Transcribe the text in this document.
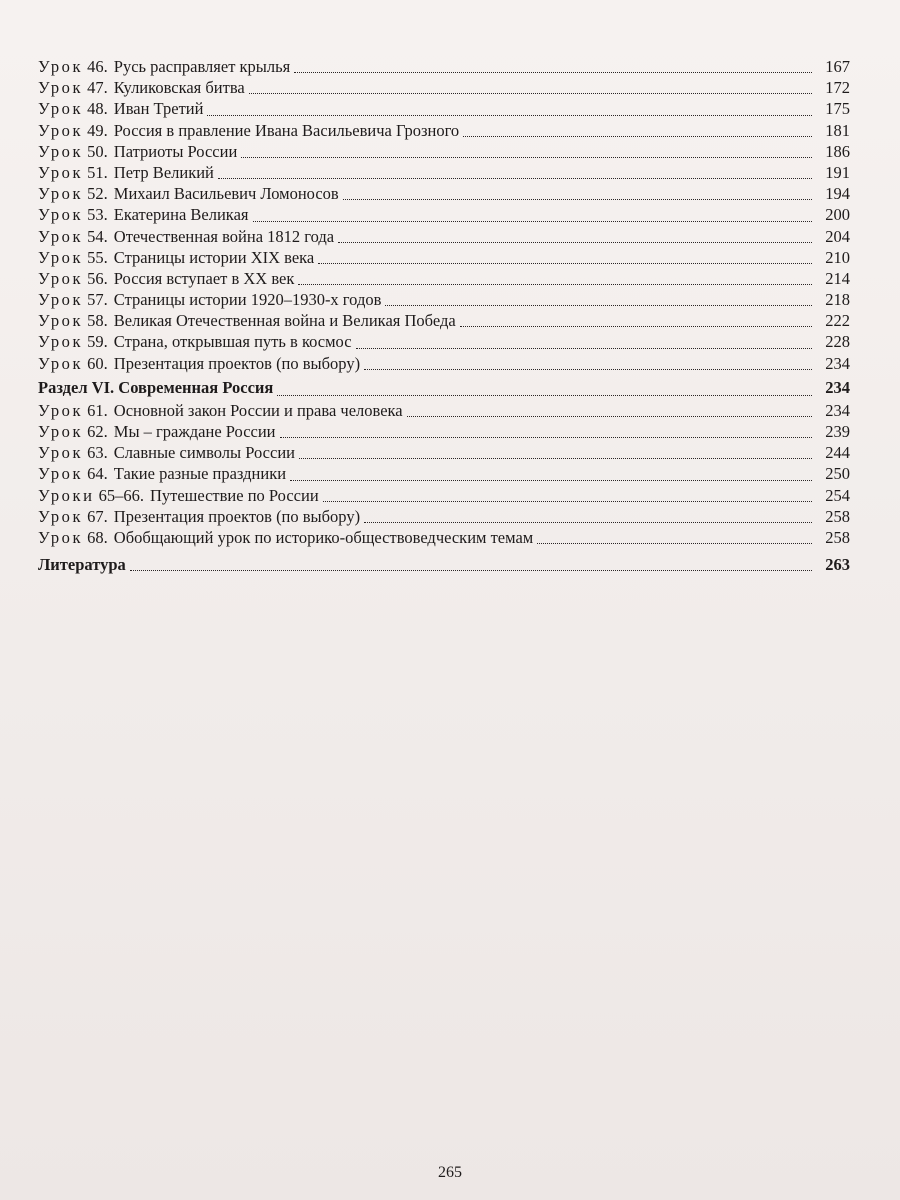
Урок 46. Русь расправляет крылья	167
Урок 47. Куликовская битва	172
Урок 48. Иван Третий	175
Урок 49. Россия в правление Ивана Васильевича Грозного	181
Урок 50. Патриоты России	186
Урок 51. Петр Великий	191
Урок 52. Михаил Васильевич Ломоносов	194
Урок 53. Екатерина Великая	200
Урок 54. Отечественная война 1812 года	204
Урок 55. Страницы истории XIX века	210
Урок 56. Россия вступает в XX век	214
Урок 57. Страницы истории 1920–1930-х годов	218
Урок 58. Великая Отечественная война и Великая Победа	222
Урок 59. Страна, открывшая путь в космос	228
Урок 60. Презентация проектов (по выбору)	234
Раздел VI. Современная Россия	234
Урок 61. Основной закон России и права человека	234
Урок 62. Мы – граждане России	239
Урок 63. Славные символы России	244
Урок 64. Такие разные праздники	250
Уроки 65–66. Путешествие по России	254
Урок 67. Презентация проектов (по выбору)	258
Урок 68. Обобщающий урок по историко-обществоведческим темам	258
Литература	263
265
